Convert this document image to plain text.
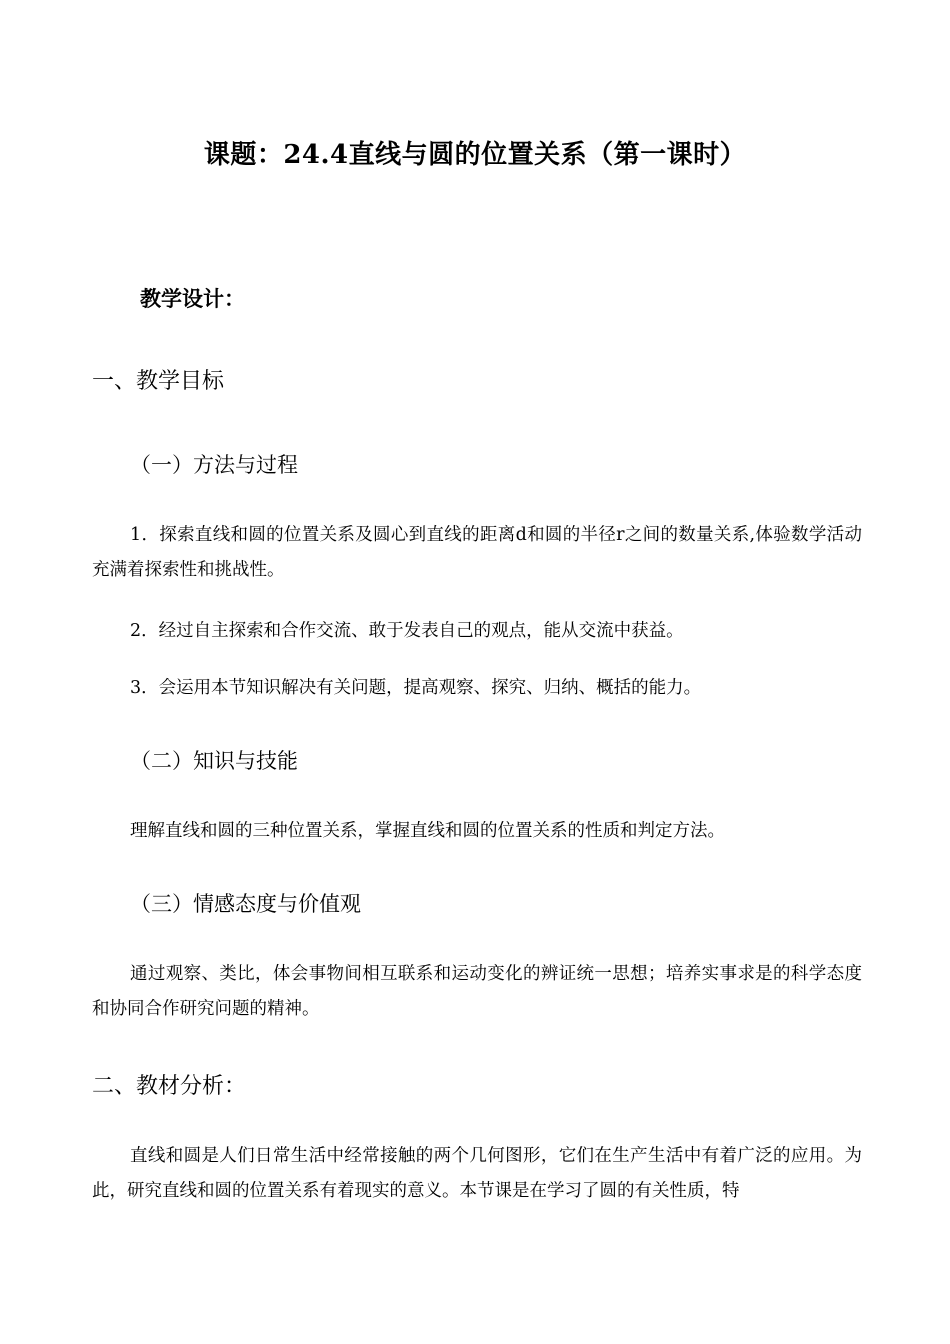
课题：24.4直线与圆的位置关系（第一课时）
教学设计：
一、教学目标
（一）方法与过程
1．探索直线和圆的位置关系及圆心到直线的距离d和圆的半径r之间的数量关系,体验数学活动充满着探索性和挑战性。
2．经过自主探索和合作交流、敢于发表自己的观点，能从交流中获益。
3．会运用本节知识解决有关问题，提高观察、探究、归纳、概括的能力。
（二）知识与技能
理解直线和圆的三种位置关系，掌握直线和圆的位置关系的性质和判定方法。
（三）情感态度与价值观
通过观察、类比，体会事物间相互联系和运动变化的辨证统一思想；培养实事求是的科学态度和协同合作研究问题的精神。
二、教材分析：
直线和圆是人们日常生活中经常接触的两个几何图形，它们在生产生活中有着广泛的应用。为此，研究直线和圆的位置关系有着现实的意义。本节课是在学习了圆的有关性质，特
